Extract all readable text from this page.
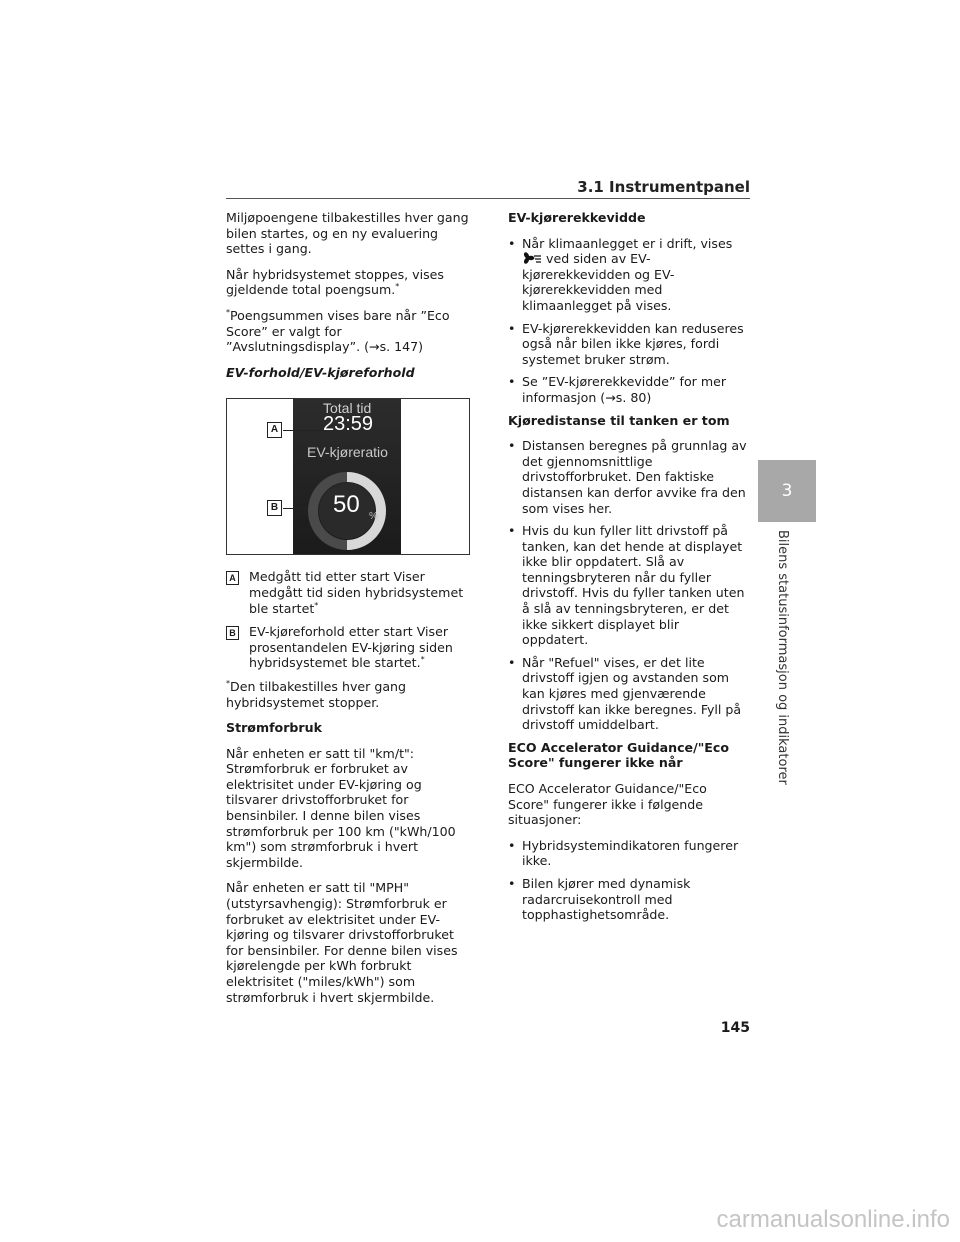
3.1 Instrumentpanel

Miljøpoengene tilbakestilles hver gang bilen startes, og en ny evaluering settes i gang.

Når hybridsystemet stoppes, vises gjeldende total poengsum.*

*Poengsummen vises bare når ”Eco Score” er valgt for ”Avslutningsdisplay”. (→s. 147)

EV-forhold/EV-kjøreforhold
Total tid
23:59
EV-kjøreratio
50 %
A
B
A Medgått tid etter start Viser medgått tid siden hybridsystemet ble startet*
B EV-kjøreforhold etter start Viser prosentandelen EV-kjøring siden hybridsystemet ble startet.*

*Den tilbakestilles hver gang hybridsystemet stopper.

Strømforbruk

Når enheten er satt til "km/t": Strømforbruk er forbruket av elektrisitet under EV-kjøring og tilsvarer drivstofforbruket for bensinbiler. I denne bilen vises strømforbruk per 100 km ("kWh/100 km") som strømforbruk i hvert skjermbilde.

Når enheten er satt til "MPH" (utstyrsavhengig): Strømforbruk er forbruket av elektrisitet under EV-kjøring og tilsvarer drivstofforbruket for bensinbiler. For denne bilen vises kjørelengde per kWh forbrukt elektrisitet ("miles/kWh") som strømforbruk i hvert skjermbilde.

EV-kjørerekkevidde
• Når klimaanlegget er i drift, vises  ved siden av EV-kjørerekkevidden og EV-kjørerekkevidden med klimaanlegget på vises.
• EV-kjørerekkevidden kan reduseres også når bilen ikke kjøres, fordi systemet bruker strøm.
• Se ”EV-kjørerekkevidde” for mer informasjon (→s. 80)
Kjøredistanse til tanken er tom
• Distansen beregnes på grunnlag av det gjennomsnittlige drivstofforbruket. Den faktiske distansen kan derfor avvike fra den som vises her.
• Hvis du kun fyller litt drivstoff på tanken, kan det hende at displayet ikke blir oppdatert. Slå av tenningsbryteren når du fyller drivstoff. Hvis du fyller tanken uten å slå av tenningsbryteren, er det ikke sikkert displayet blir oppdatert.
• Når "Refuel" vises, er det lite drivstoff igjen og avstanden som kan kjøres med gjenværende drivstoff kan ikke beregnes. Fyll på drivstoff umiddelbart.
ECO Accelerator Guidance/"Eco Score" fungerer ikke når

ECO Accelerator Guidance/"Eco Score" fungerer ikke i følgende situasjoner:

• Hybridsystemindikatoren fungerer ikke.
• Bilen kjører med dynamisk radarcruisekontroll med topphastighetsområde.
3
Bilens statusinformasjon og indikatorer
145
carmanualsonline.info
